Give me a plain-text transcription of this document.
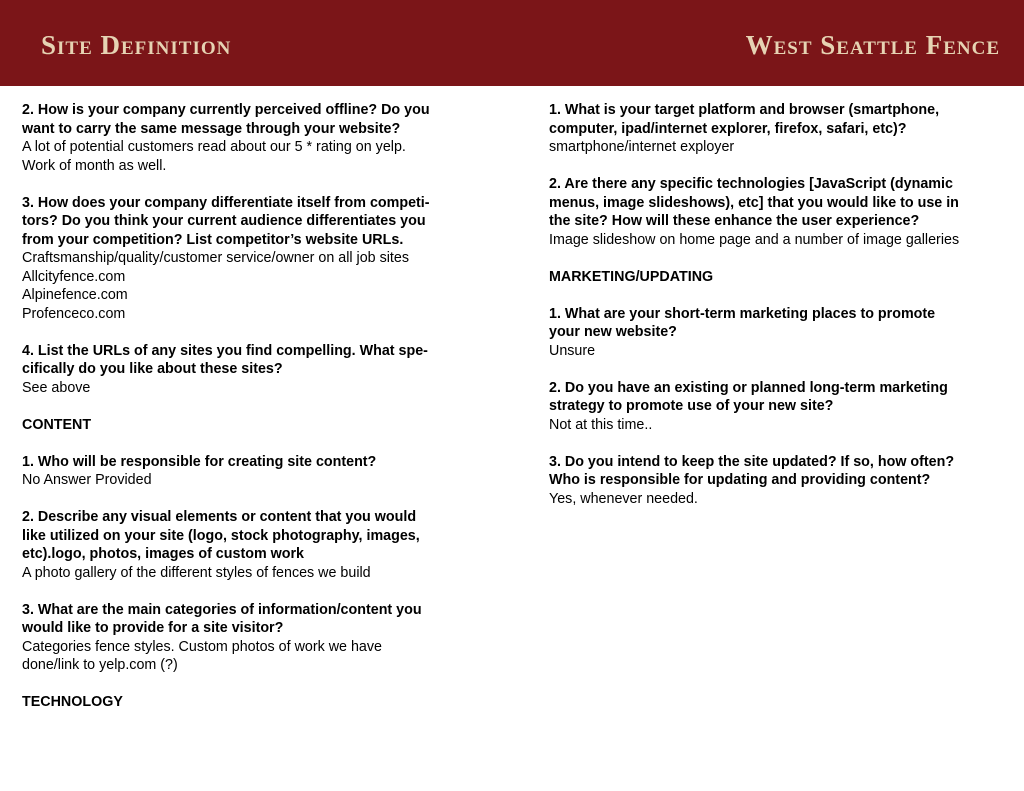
Site Definition	West Seattle Fence

2. How is your company currently perceived offline? Do you
want to carry the same message through your website?

A lot of potential customers read about our 5 * rating on yelp.
Work of month as well.

3. How does your company differentiate itself from competi-
tors? Do you think your current audience differentiates you
from your competition? List competitor’s website URLs.

Craftsmanship/quality/customer service/owner on all job sites
Allcityfence.com
Alpinefence.com
Profenceco.com

4. List the URLs of any sites you find compelling. What spe-
cifically do you like about these sites?

See above

CONTENT

1. Who will be responsible for creating site content?

No Answer Provided

2. Describe any visual elements or content that you would
like utilized on your site (logo, stock photography, images,
etc).logo, photos, images of custom work

A photo gallery of the different styles of fences we build

3. What are the main categories of information/content you
would like to provide for a site visitor?

Categories fence styles. Custom photos of work we have
done/link to yelp.com (?)

TECHNOLOGY

1. What is your target platform and browser (smartphone,
computer, ipad/internet explorer, firefox, safari, etc)?

smartphone/internet exployer

2. Are there any specific technologies [JavaScript (dynamic
menus, image slideshows), etc] that you would like to use in
the site? How will these enhance the user experience?

Image slideshow on home page and a number of image galleries

MARKETING/UPDATING

1. What are your short-term marketing places to promote
your new website?

Unsure

2. Do you have an existing or planned long-term marketing
strategy to promote use of your new site?

Not at this time..

3. Do you intend to keep the site updated? If so, how often?
Who is responsible for updating and providing content?

Yes, whenever needed.
